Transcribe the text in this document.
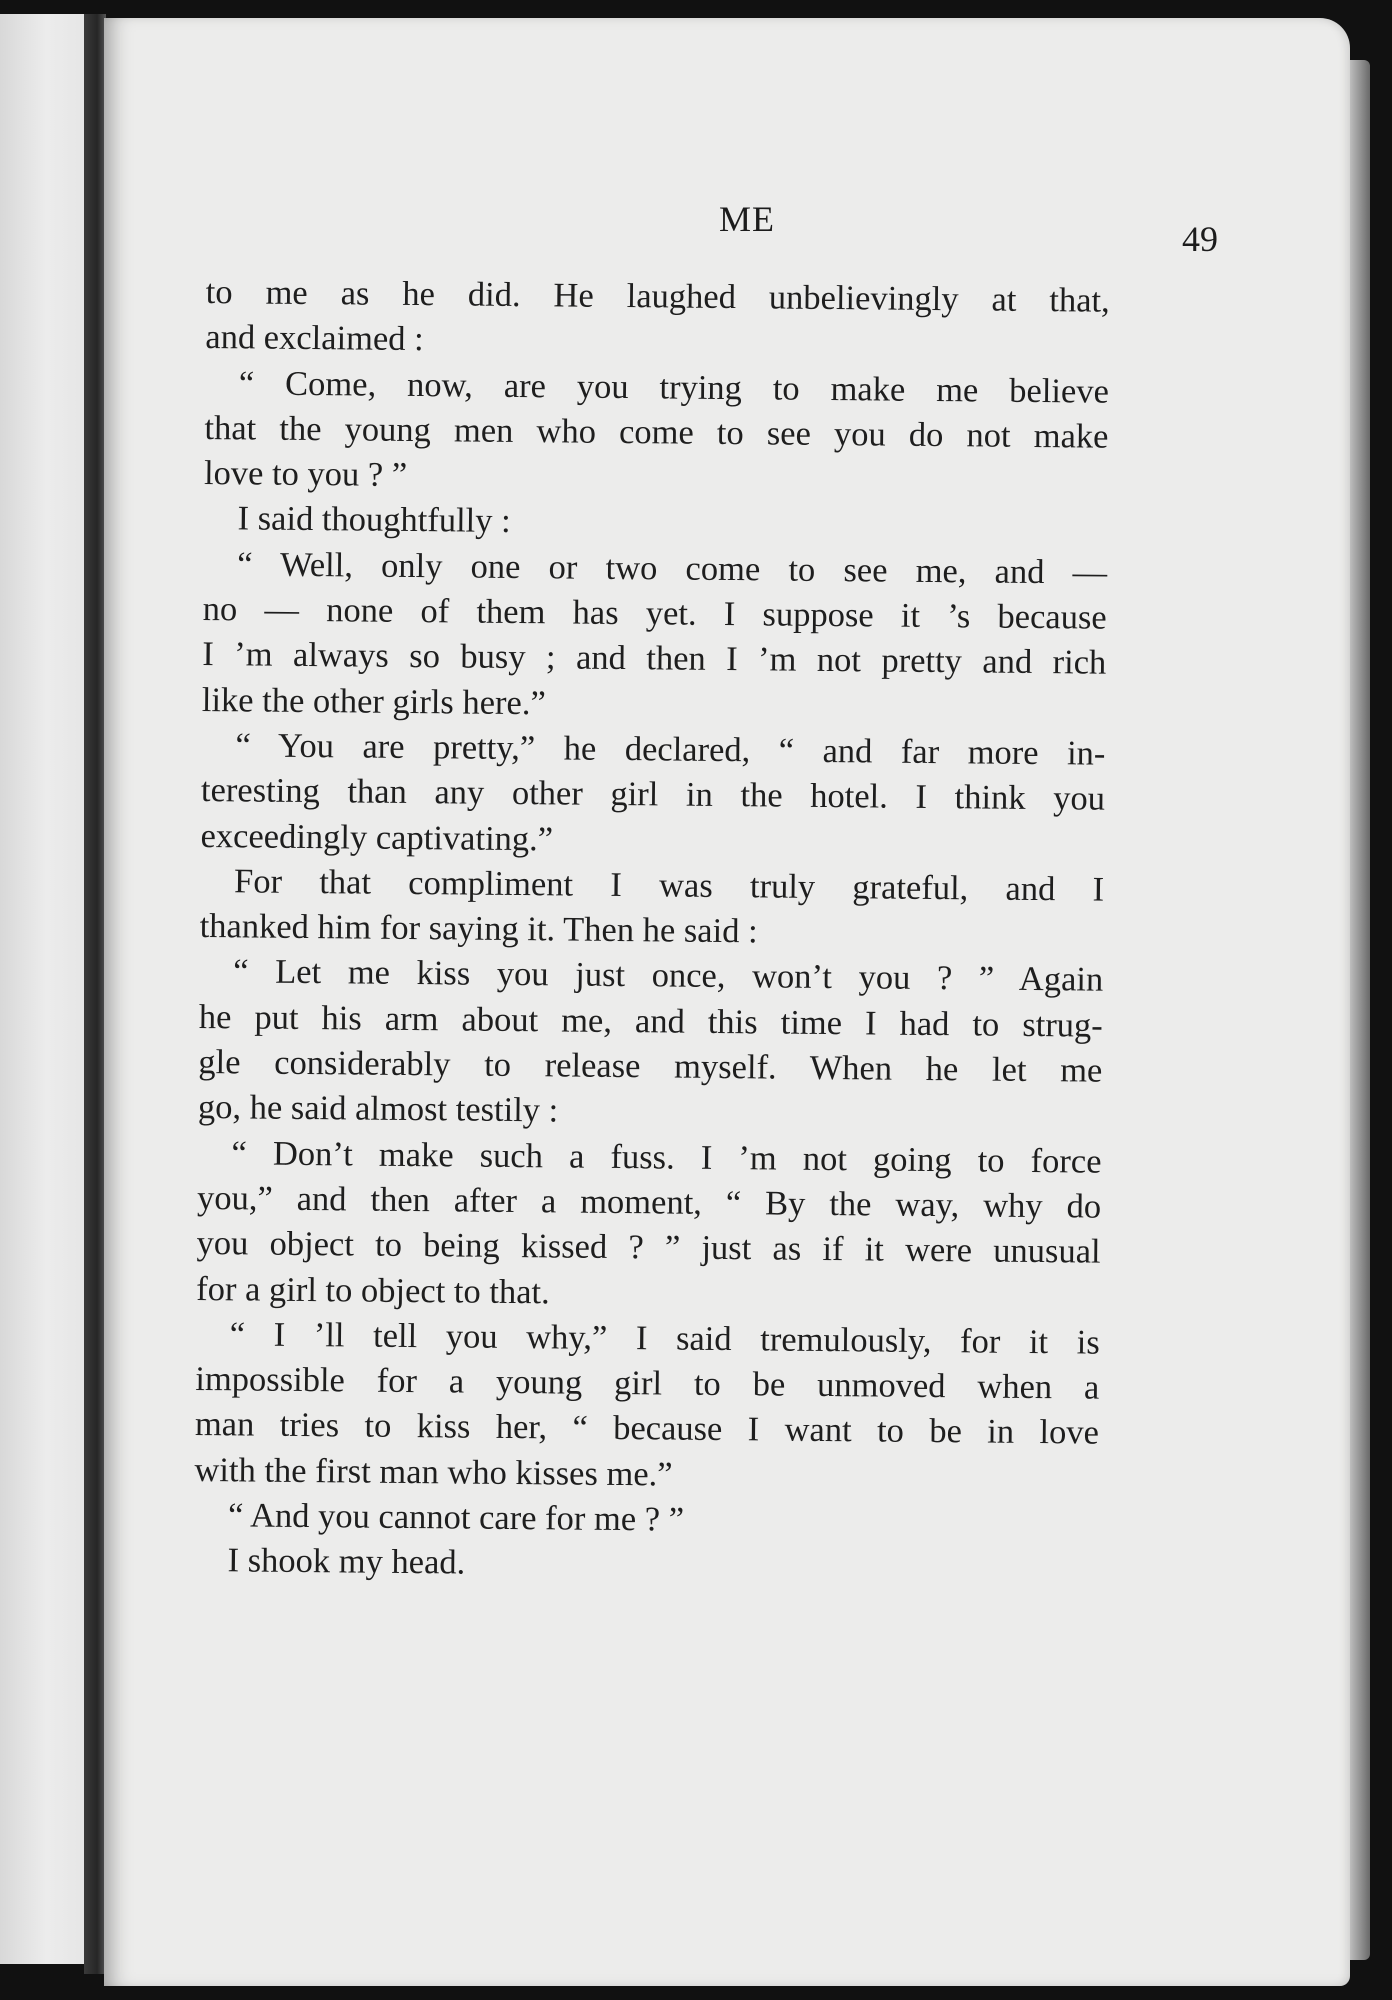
ME	49
to me as he did. He laughed unbelievingly at that,
and exclaimed :
“ Come, now, are you trying to make me believe
that the young men who come to see you do not make
love to you ? ”
I said thoughtfully :
“ Well, only one or two come to see me, and —
no — none of them has yet. I suppose it ’s because
I ’m always so busy ; and then I ’m not pretty and rich
like the other girls here.”
“ You are pretty,” he declared, “ and far more in-
teresting than any other girl in the hotel. I think you
exceedingly captivating.”
For that compliment I was truly grateful, and I
thanked him for saying it. Then he said :
“ Let me kiss you just once, won’t you ? ” Again
he put his arm about me, and this time I had to strug-
gle considerably to release myself. When he let me
go, he said almost testily :
“ Don’t make such a fuss. I ’m not going to force
you,” and then after a moment, “ By the way, why do
you object to being kissed ? ” just as if it were unusual
for a girl to object to that.
“ I ’ll tell you why,” I said tremulously, for it is
impossible for a young girl to be unmoved when a
man tries to kiss her, “ because I want to be in love
with the first man who kisses me.”
“ And you cannot care for me ? ”
I shook my head.
